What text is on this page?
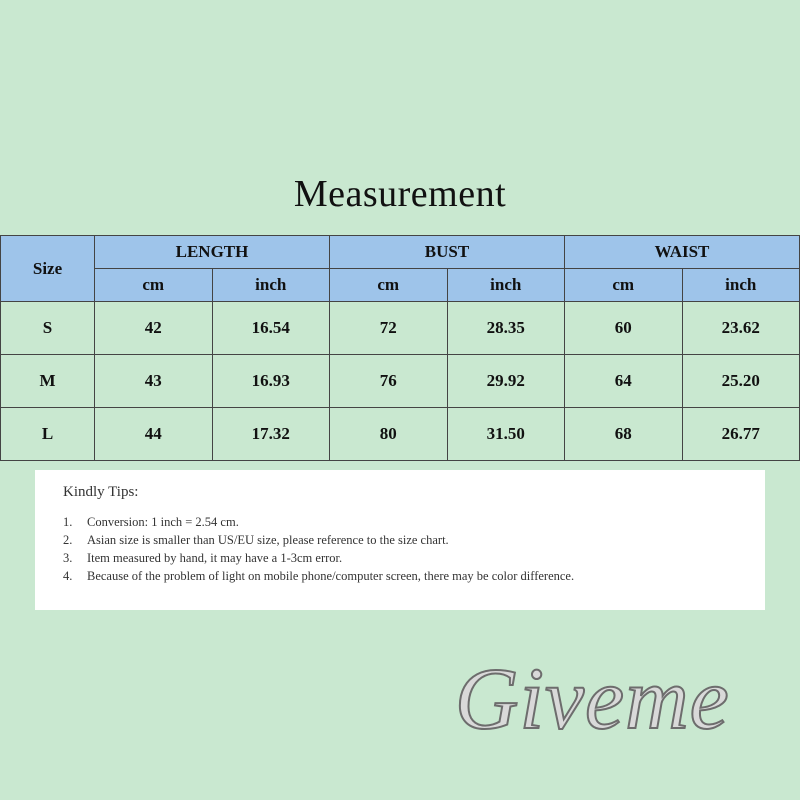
Measurement
Size	LENGTH		BUST		WAIST	
	cm	inch	cm	inch	cm	inch
S	42	16.54	72	28.35	60	23.62
M	43	16.93	76	29.92	64	25.20
L	44	17.32	80	31.50	68	26.77
Kindly Tips:
1.	Conversion: 1 inch = 2.54 cm.
2.	Asian size is smaller than US/EU size, please reference to the size chart.
3.	Item measured by hand, it may have a 1-3cm error.
4.	Because of the problem of light on mobile phone/computer screen, there may be color difference.
Giveme
